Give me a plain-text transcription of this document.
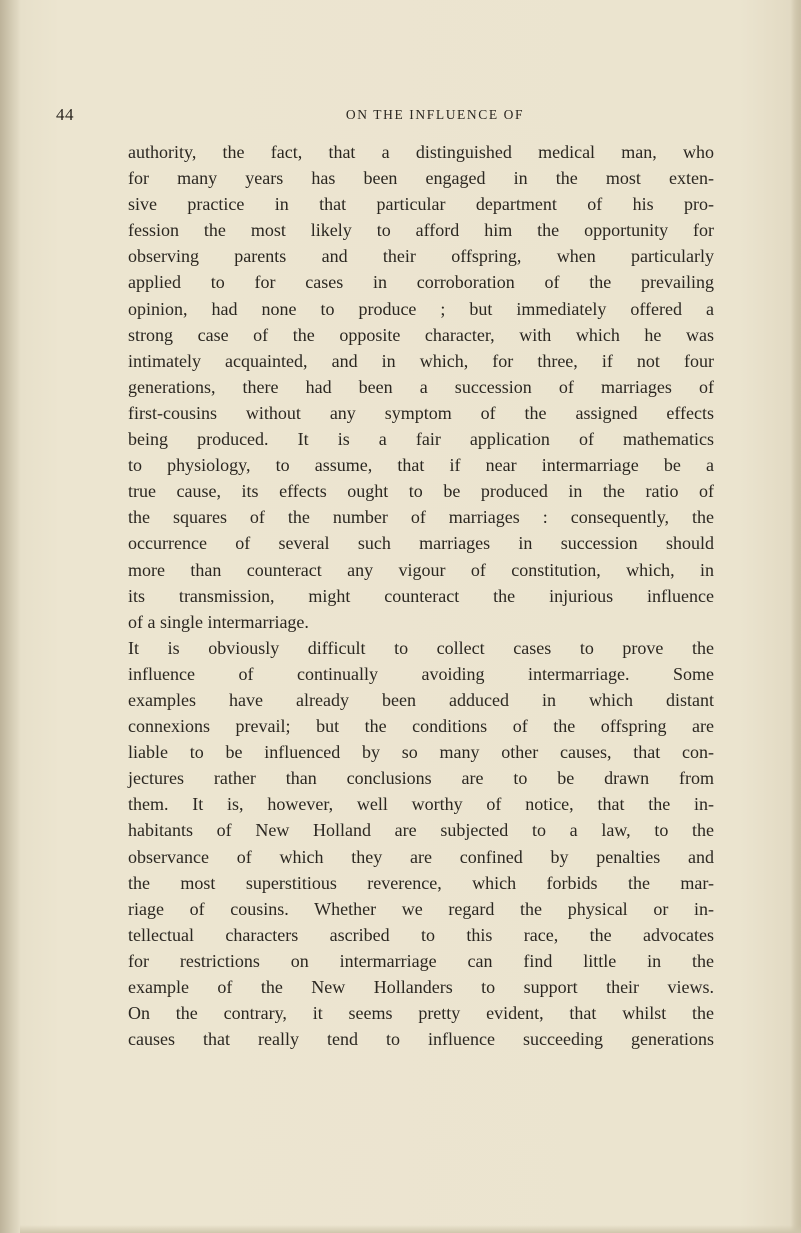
44	ON THE INFLUENCE OF
authority, the fact, that a distinguished medical man, who
for many years has been engaged in the most exten-
sive practice in that particular department of his pro-
fession the most likely to afford him the opportunity for
observing parents and their offspring, when particularly
applied to for cases in corroboration of the prevailing
opinion, had none to produce ; but immediately offered a
strong case of the opposite character, with which he was
intimately acquainted, and in which, for three, if not four
generations, there had been a succession of marriages of
first-cousins without any symptom of the assigned effects
being produced. It is a fair application of mathematics
to physiology, to assume, that if near intermarriage be a
true cause, its effects ought to be produced in the ratio of
the squares of the number of marriages : consequently, the
occurrence of several such marriages in succession should
more than counteract any vigour of constitution, which, in
its transmission, might counteract the injurious influence
of a single intermarriage.
It is obviously difficult to collect cases to prove the
influence of continually avoiding intermarriage. Some
examples have already been adduced in which distant
connexions prevail; but the conditions of the offspring are
liable to be influenced by so many other causes, that con-
jectures rather than conclusions are to be drawn from
them. It is, however, well worthy of notice, that the in-
habitants of New Holland are subjected to a law, to the
observance of which they are confined by penalties and
the most superstitious reverence, which forbids the mar-
riage of cousins. Whether we regard the physical or in-
tellectual characters ascribed to this race, the advocates
for restrictions on intermarriage can find little in the
example of the New Hollanders to support their views.
On the contrary, it seems pretty evident, that whilst the
causes that really tend to influence succeeding generations
